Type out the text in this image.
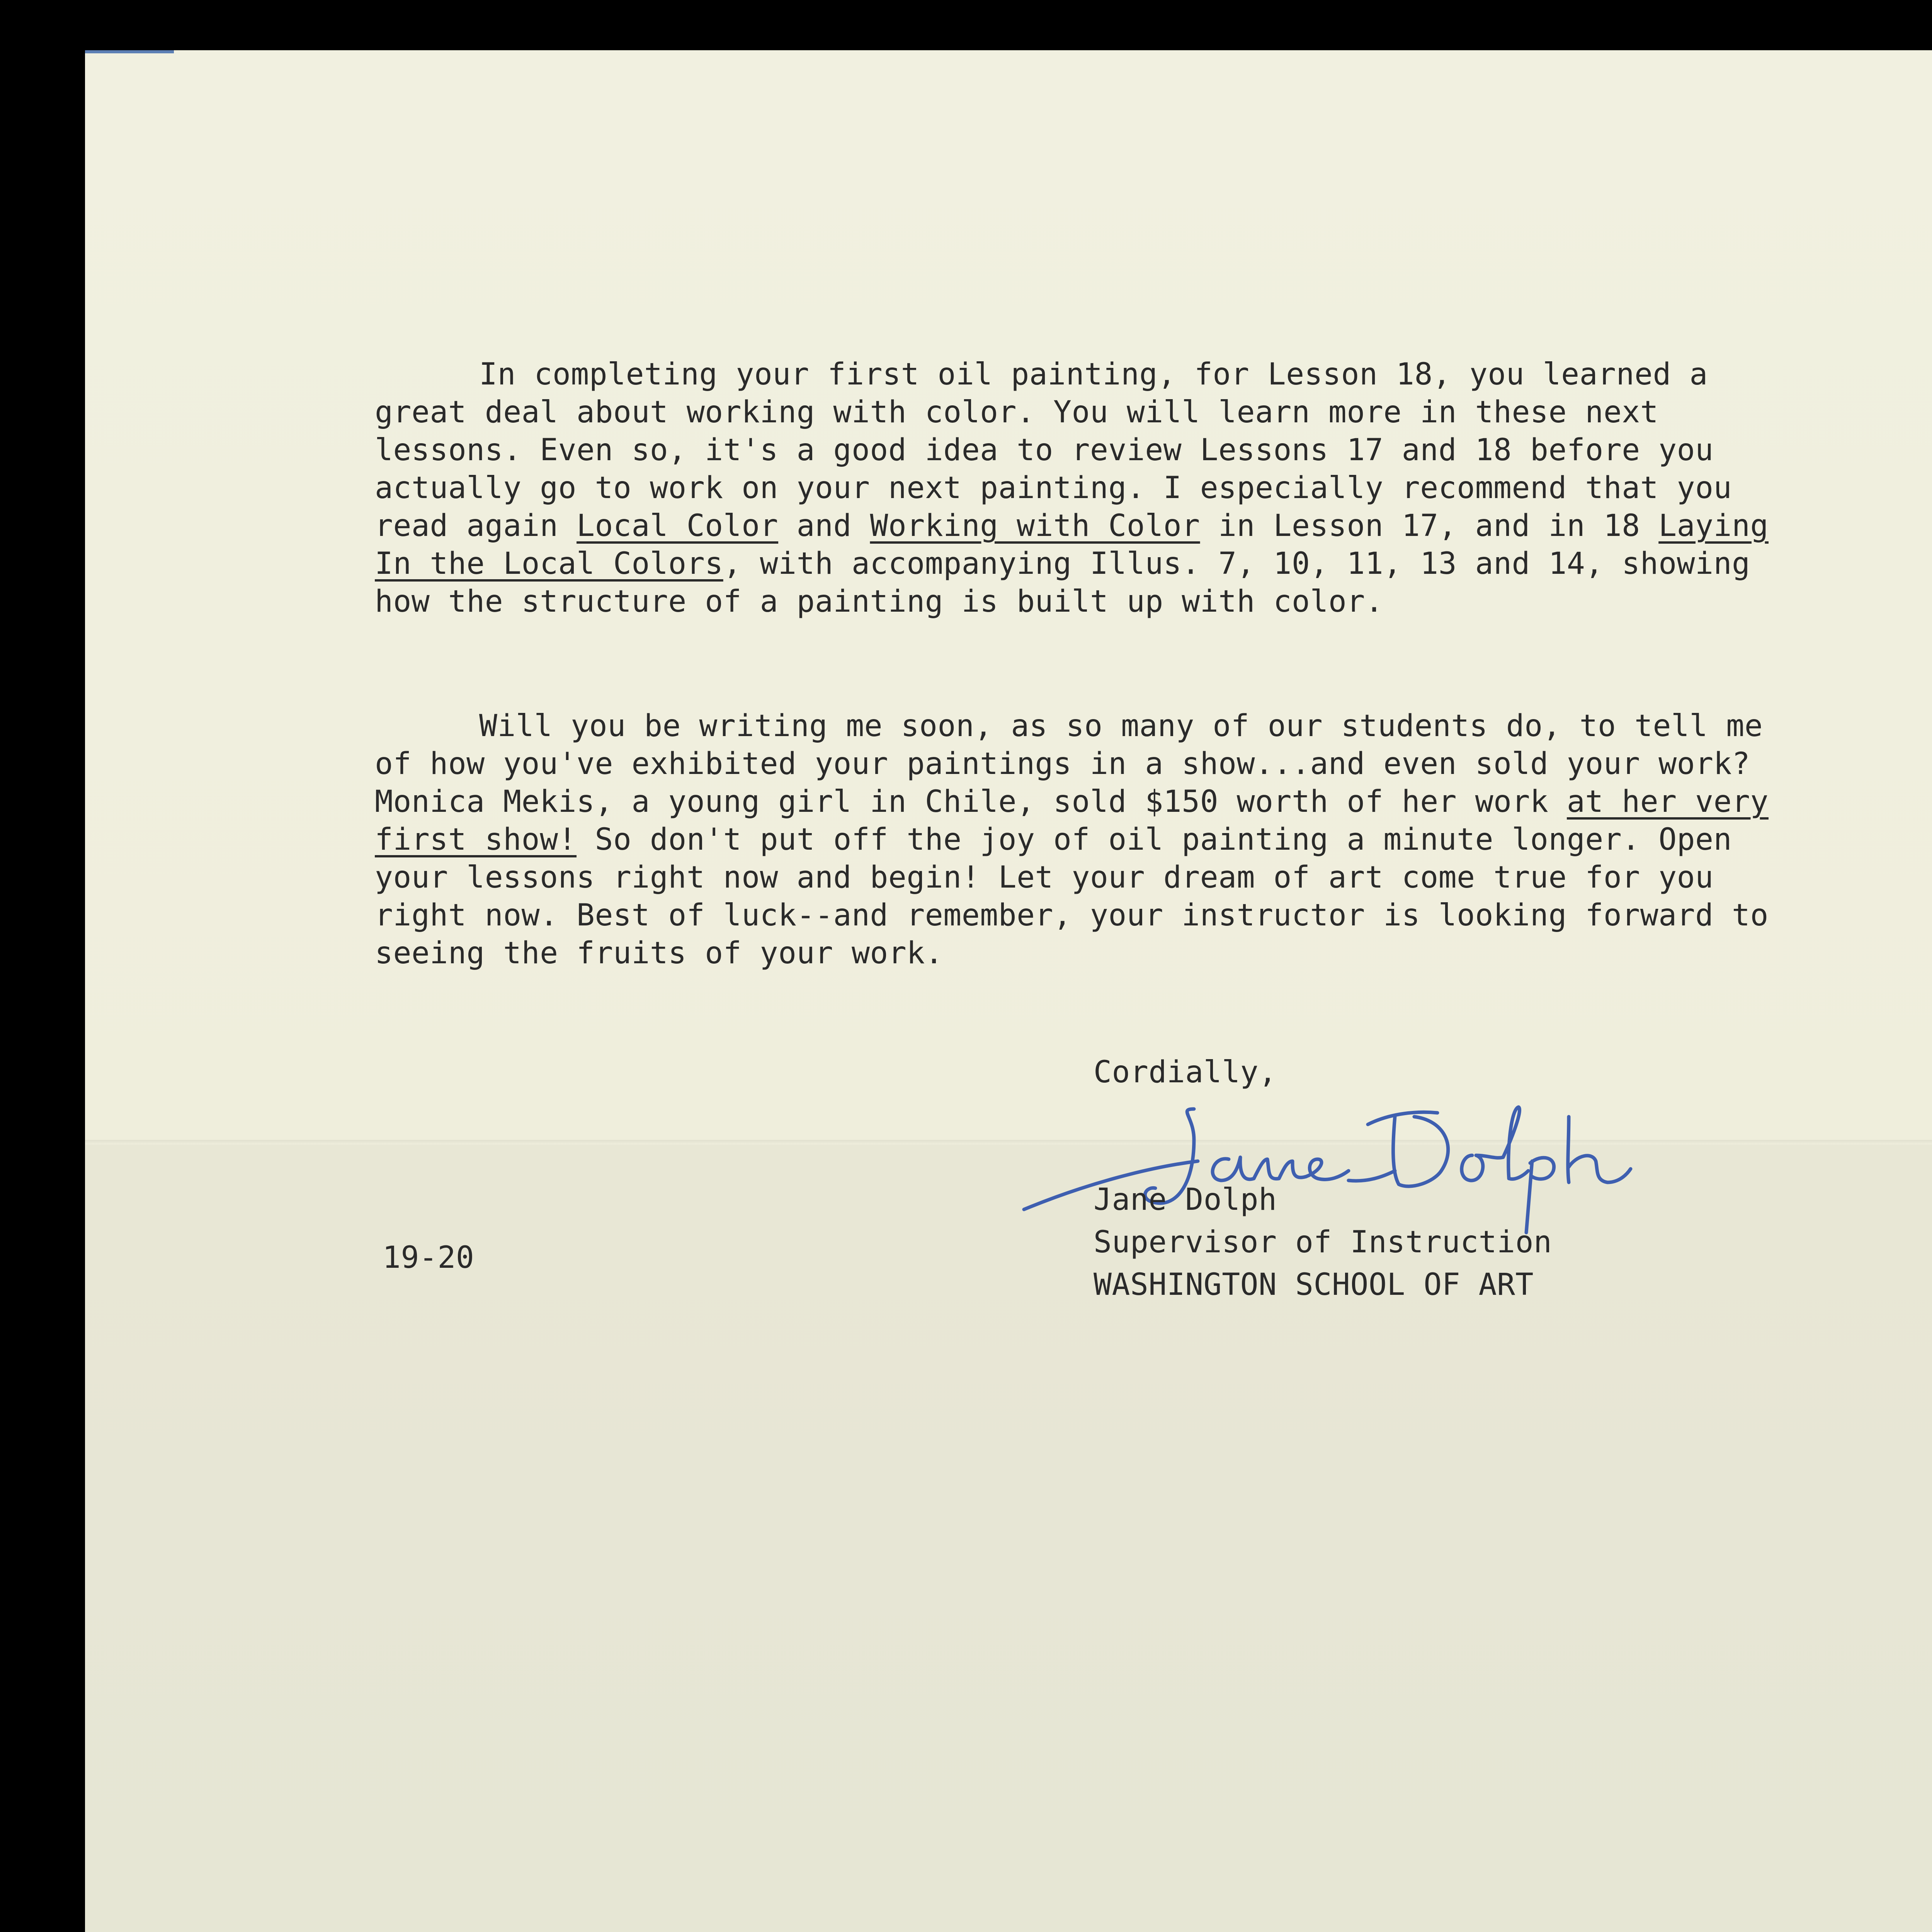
In completing your first oil painting, for Lesson 18, you learned a great deal about working with color. You will learn more in these next lessons. Even so, it's a good idea to review Lessons 17 and 18 before you actually go to work on your next painting. I especially recommend that you read again Local Color and Working with Color in Lesson 17, and in 18 Laying In the Local Colors, with accompanying Illus. 7, 10, 11, 13 and 14, showing how the structure of a painting is built up with color.

Will you be writing me soon, as so many of our students do, to tell me of how you've exhibited your paintings in a show...and even sold your work? Monica Mekis, a young girl in Chile, sold $150 worth of her work at her very first show! So don't put off the joy of oil painting a minute longer. Open your lessons right now and begin! Let your dream of art come true for you right now. Best of luck--and remember, your instructor is looking forward to seeing the fruits of your work.

Cordially,
Jane Dolph
Supervisor of Instruction
WASHINGTON SCHOOL OF ART
19-20
